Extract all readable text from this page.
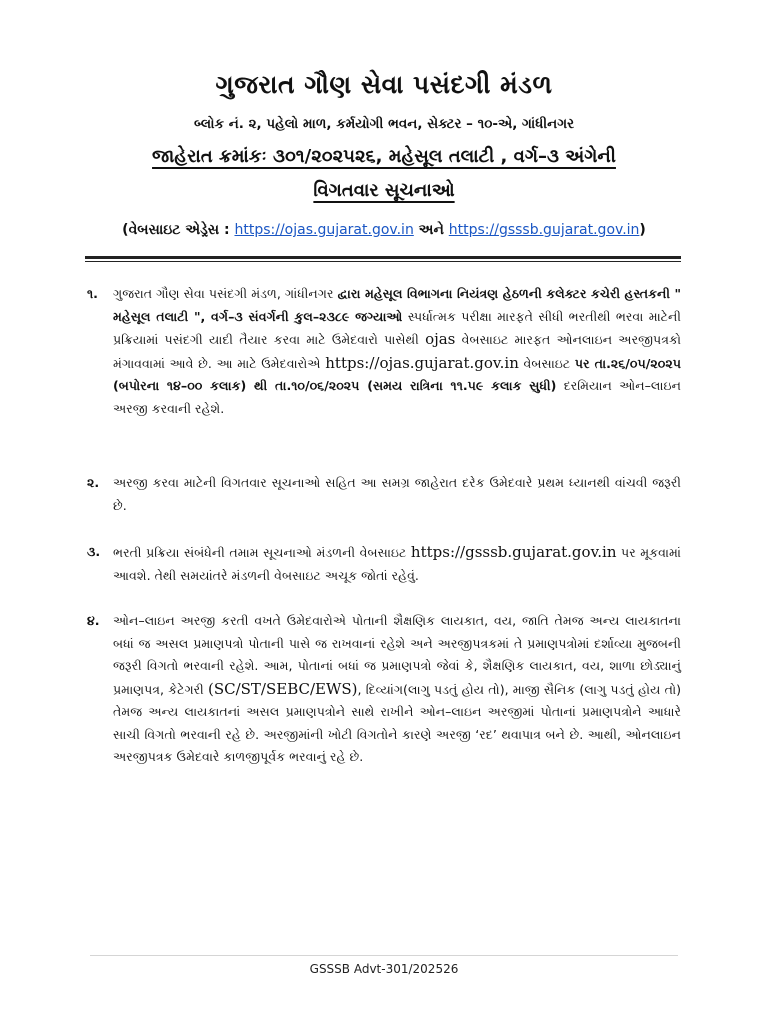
ગુજરાત ગૌણ સેવા પસંદગી મંડળ
બ્લોક નં. ૨, પહેલો માળ, કર્મયોગી ભવન, સેક્ટર – ૧૦-એ, ગાંધીનગર
જાહેરાત ક્રમાંકઃ ૩૦૧/૨૦૨૫૨૬, મહેસૂલ તલાટી , વર્ગ–૩ અંગેની
વિગતવાર સૂચનાઓ
(વેબસાઇટ એડ્રેસ : https://ojas.gujarat.gov.in અને https://gsssb.gujarat.gov.in)
૧.	ગુજરાત ગૌણ સેવા પસંદગી મંડળ, ગાંધીનગર દ્વારા મહેસૂલ વિભાગના નિયંત્રણ હેઠળની કલેક્ટર કચેરી હસ્તકની " મહેસૂલ તલાટી ", વર્ગ–૩ સંવર્ગની કુલ–૨૩૮૯ જગ્યાઓ સ્પર્ધાત્મક પરીક્ષા મારફતે સીધી ભરતીથી ભરવા માટેની પ્રક્રિયામાં પસંદગી યાદી તૈયાર કરવા માટે ઉમેદવારો પાસેથી ojas વેબસાઇટ મારફત ઓનલાઇન અરજીપત્રકો મંગાવવામાં આવે છે. આ માટે ઉમેદવારોએ https://ojas.gujarat.gov.in વેબસાઇટ પર તા.૨૬/૦૫/૨૦૨૫ (બપોરના ૧૪–૦૦ કલાક) થી તા.૧૦/૦૬/૨૦૨૫ (સમય રાત્રિના ૧૧.૫૯ કલાક સુધી) દરમિયાન ઓન–લાઇન અરજી કરવાની રહેશે.
૨.	અરજી કરવા માટેની વિગતવાર સૂચનાઓ સહિત આ સમગ્ર જાહેરાત દરેક ઉમેદવારે પ્રથમ ધ્યાનથી વાંચવી જરૂરી છે.
૩.	ભરતી પ્રક્રિયા સંબંધેની તમામ સૂચનાઓ મંડળની વેબસાઇટ https://gsssb.gujarat.gov.in પર મૂકવામાં આવશે. તેથી સમયાંતરે મંડળની વેબસાઇટ અચૂક જોતાં રહેવું.
૪.	ઓન–લાઇન અરજી કરતી વખતે ઉમેદવારોએ પોતાની શૈક્ષણિક લાયકાત, વય, જાતિ તેમજ અન્ય લાયકાતના બધાં જ અસલ પ્રમાણપત્રો પોતાની પાસે જ રાખવાનાં રહેશે અને અરજીપત્રકમાં તે પ્રમાણપત્રોમાં દર્શાવ્યા મુજબની જરૂરી વિગતો ભરવાની રહેશે. આમ, પોતાનાં બધાં જ પ્રમાણપત્રો જેવાં કે, શૈક્ષણિક લાયકાત, વય, શાળા છોડ્યાનું પ્રમાણપત્ર, કેટેગરી (SC/ST/SEBC/EWS), દિવ્યાંગ(લાગુ પડતું હોય તો), માજી સૈનિક (લાગુ પડતું હોય તો) તેમજ અન્ય લાયકાતનાં અસલ પ્રમાણપત્રોને સાથે રાખીને ઓન–લાઇન અરજીમાં પોતાનાં પ્રમાણપત્રોને આધારે સાચી વિગતો ભરવાની રહે છે. અરજીમાંની ખોટી વિગતોને કારણે અરજી ‘રદ’ થવાપાત્ર બને છે. આથી, ઓનલાઇન અરજીપત્રક ઉમેદવારે કાળજીપૂર્વક ભરવાનું રહે છે.
GSSSB Advt-301/202526
